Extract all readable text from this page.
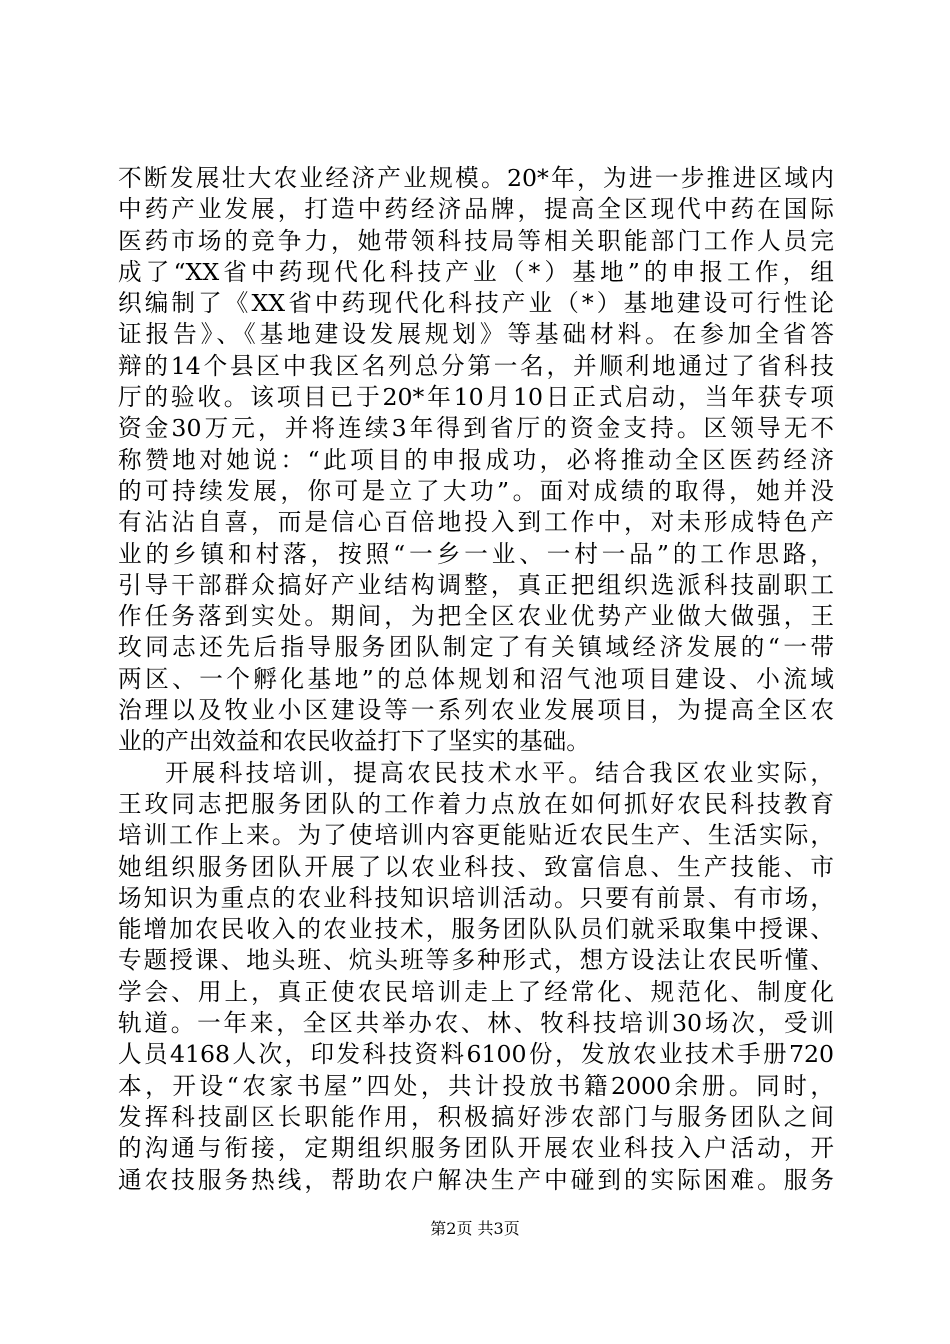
不断发展壮大农业经济产业规模。20*年，为进一步推进区域内
中药产业发展，打造中药经济品牌，提高全区现代中药在国际
医药市场的竞争力，她带领科技局等相关职能部门工作人员完
成了“XX省中药现代化科技产业（*）基地”的申报工作，组
织编制了《XX省中药现代化科技产业（*）基地建设可行性论
证报告》、《基地建设发展规划》等基础材料。在参加全省答
辩的14个县区中我区名列总分第一名，并顺利地通过了省科技
厅的验收。该项目已于20*年10月10日正式启动，当年获专项
资金30万元，并将连续3年得到省厅的资金支持。区领导无不
称赞地对她说：“此项目的申报成功，必将推动全区医药经济
的可持续发展，你可是立了大功”。面对成绩的取得，她并没
有沾沾自喜，而是信心百倍地投入到工作中，对未形成特色产
业的乡镇和村落，按照“一乡一业、一村一品”的工作思路，
引导干部群众搞好产业结构调整，真正把组织选派科技副职工
作任务落到实处。期间，为把全区农业优势产业做大做强，王
玫同志还先后指导服务团队制定了有关镇域经济发展的“一带
两区、一个孵化基地”的总体规划和沼气池项目建设、小流域
治理以及牧业小区建设等一系列农业发展项目，为提高全区农
业的产出效益和农民收益打下了坚实的基础。
开展科技培训，提高农民技术水平。结合我区农业实际，
王玫同志把服务团队的工作着力点放在如何抓好农民科技教育
培训工作上来。为了使培训内容更能贴近农民生产、生活实际，
她组织服务团队开展了以农业科技、致富信息、生产技能、市
场知识为重点的农业科技知识培训活动。只要有前景、有市场，
能增加农民收入的农业技术，服务团队队员们就采取集中授课、
专题授课、地头班、炕头班等多种形式，想方设法让农民听懂、
学会、用上，真正使农民培训走上了经常化、规范化、制度化
轨道。一年来，全区共举办农、林、牧科技培训30场次，受训
人员4168人次，印发科技资料6100份，发放农业技术手册720
本，开设“农家书屋”四处，共计投放书籍2000余册。同时，
发挥科技副区长职能作用，积极搞好涉农部门与服务团队之间
的沟通与衔接，定期组织服务团队开展农业科技入户活动，开
通农技服务热线，帮助农户解决生产中碰到的实际困难。服务
第2页 共3页
